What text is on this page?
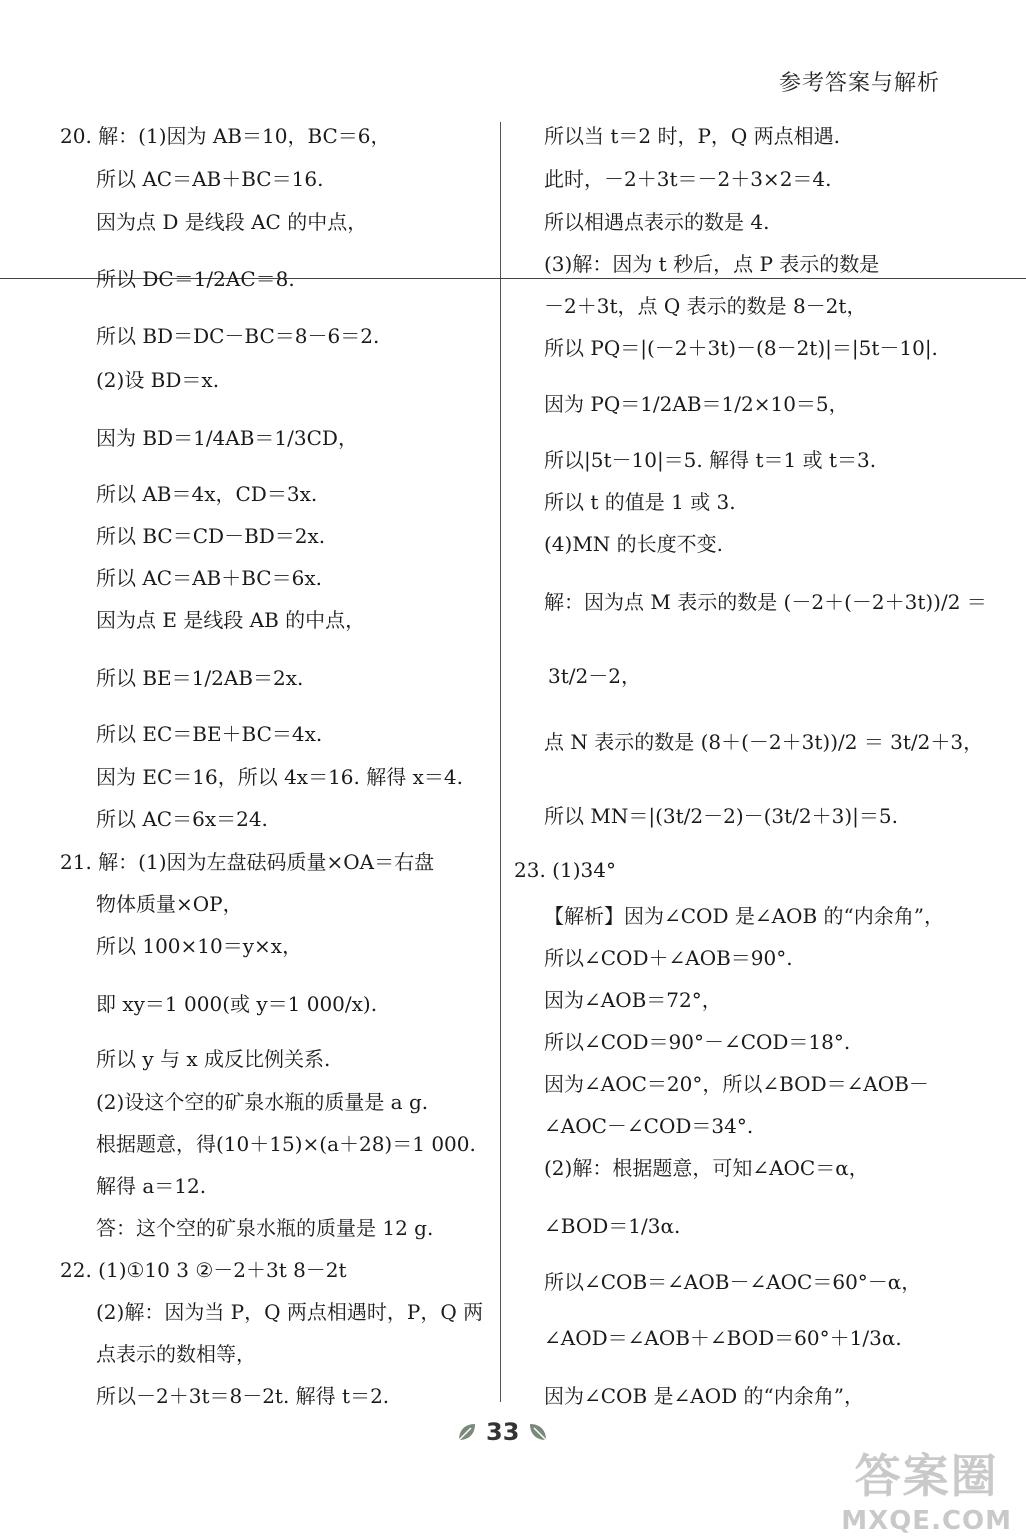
参考答案与解析
20. 解：(1)因为 AB＝10，BC＝6，
所以 AC＝AB＋BC＝16.
因为点 D 是线段 AC 的中点，
所以 DC＝1/2AC＝8.
所以 BD＝DC－BC＝8－6＝2.
(2)设 BD＝x.
因为 BD＝1/4AB＝1/3CD，
所以 AB＝4x，CD＝3x.
所以 BC＝CD－BD＝2x.
所以 AC＝AB＋BC＝6x.
因为点 E 是线段 AB 的中点，
所以 BE＝1/2AB＝2x.
所以 EC＝BE＋BC＝4x.
因为 EC＝16，所以 4x＝16. 解得 x＝4.
所以 AC＝6x＝24.
21. 解：(1)因为左盘砝码质量×OA＝右盘
物体质量×OP，
所以 100×10＝y×x，
即 xy＝1 000(或 y＝1 000/x).
所以 y 与 x 成反比例关系.
(2)设这个空的矿泉水瓶的质量是 a g.
根据题意，得(10＋15)×(a＋28)＝1 000.
解得 a＝12.
答：这个空的矿泉水瓶的质量是 12 g.
22. (1)①10 3 ②－2＋3t 8－2t
(2)解：因为当 P，Q 两点相遇时，P，Q 两
点表示的数相等，
所以－2＋3t＝8－2t. 解得 t＝2.
所以当 t＝2 时，P，Q 两点相遇.
此时，－2＋3t＝－2＋3×2＝4.
所以相遇点表示的数是 4.
(3)解：因为 t 秒后，点 P 表示的数是
－2＋3t，点 Q 表示的数是 8－2t，
所以 PQ＝|(－2＋3t)－(8－2t)|＝|5t－10|.
因为 PQ＝1/2AB＝1/2×10＝5，
所以|5t－10|＝5. 解得 t＝1 或 t＝3.
所以 t 的值是 1 或 3.
(4)MN 的长度不变.
解：因为点 M 表示的数是 (－2＋(－2＋3t))/2 ＝
3t/2－2，
点 N 表示的数是 (8＋(－2＋3t))/2 ＝ 3t/2＋3，
所以 MN＝|(3t/2－2)－(3t/2＋3)|＝5.
23. (1)34°
【解析】因为∠COD 是∠AOB 的“内余角”，
所以∠COD＋∠AOB＝90°.
因为∠AOB＝72°，
所以∠COD＝90°－∠COD＝18°.
因为∠AOC＝20°，所以∠BOD＝∠AOB－
∠AOC－∠COD＝34°.
(2)解：根据题意，可知∠AOC＝α，
∠BOD＝1/3α.
所以∠COB＝∠AOB－∠AOC＝60°－α，
∠AOD＝∠AOB＋∠BOD＝60°＋1/3α.
因为∠COB 是∠AOD 的“内余角”，
33
答案圈
MXQE.COM
